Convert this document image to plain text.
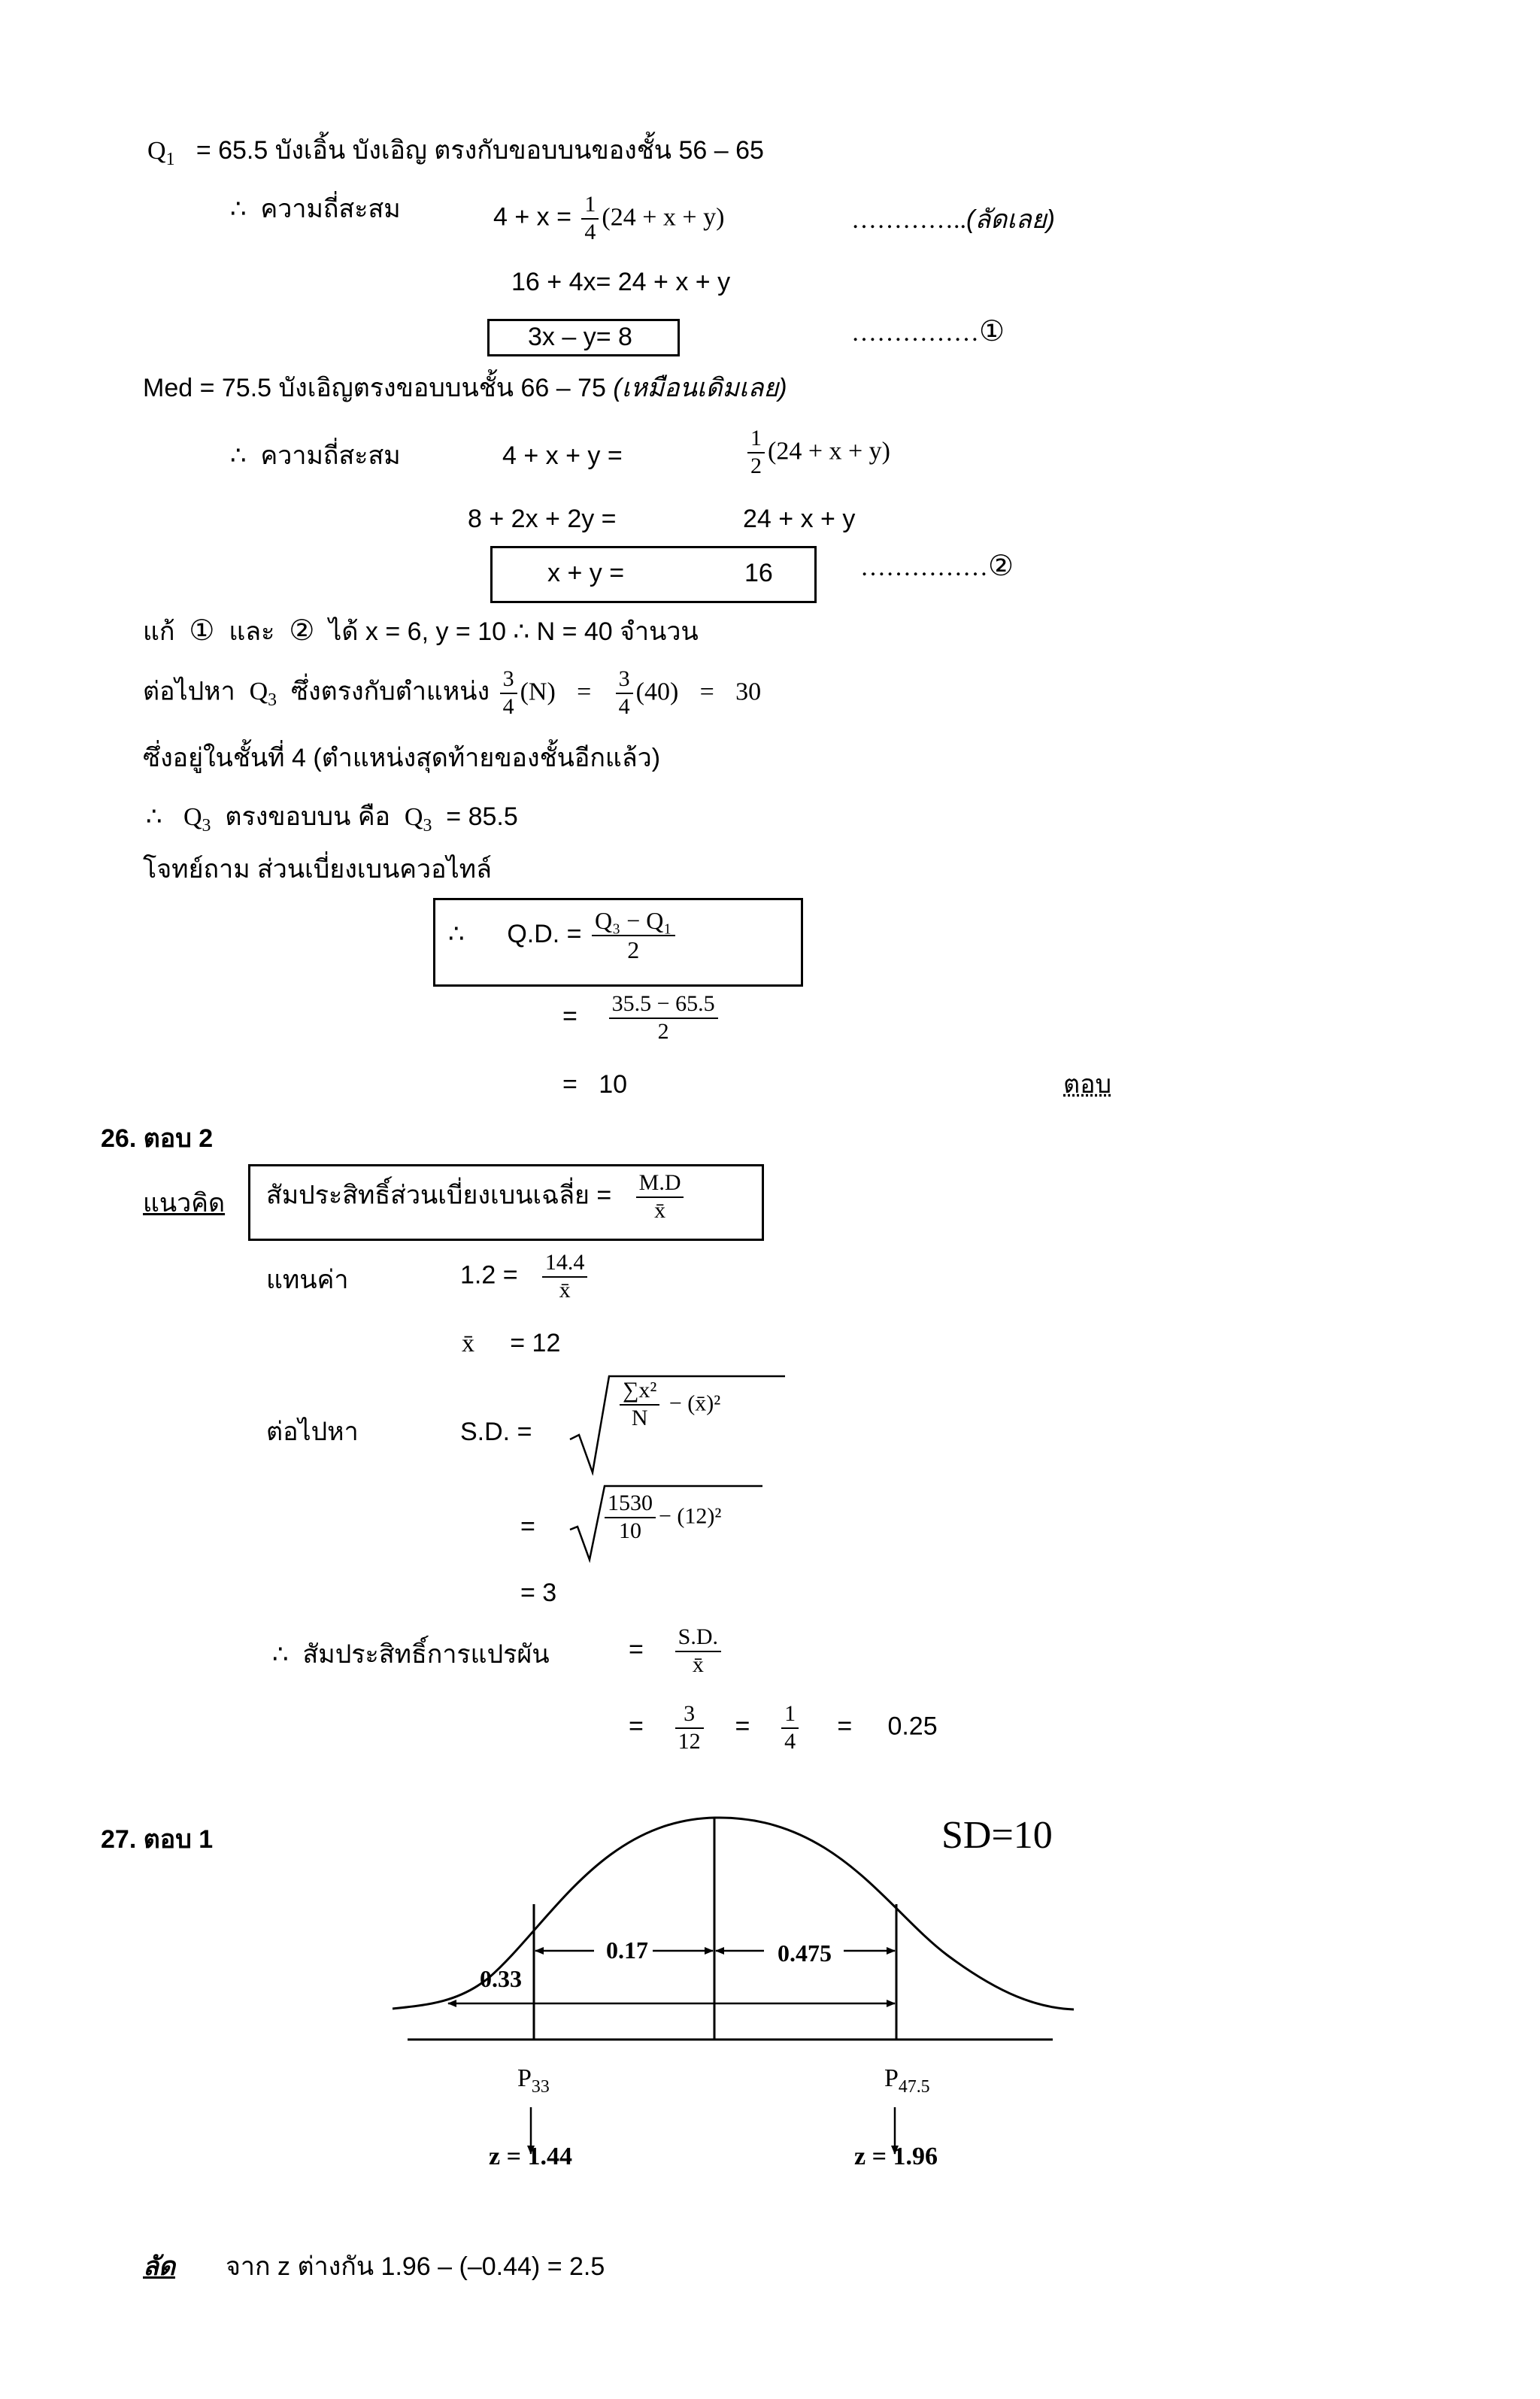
$Q_1 = 65.5$ บังเอิ้น บังเอิญ ตรงกับขอบบนของชั้น 56 – 65
∴ ความถี่สะสม	$4 + x = \frac{1}{4} (24 + x + y)$	…………..(ลัดเลย)
16 + 4x= 24 + x + y
3x – y= 8	……………①
Med = 75.5 บังเอิญตรงขอบบนชั้น 66 – 75 (เหมือนเดิมเลย)
∴ ความถี่สะสม	4 + x + y =	$\frac{1}{2} (24 + x + y)$
8 + 2x + 2y =	24 + x + y
x + y =	16	……………②
แก้ ① และ ② ได้ x = 6, y = 10 ∴ N = 40 จำนวน
ต่อไปหา $Q_3$ ซึ่งตรงกับตำแหน่ง $\frac{3}{4} (N) = \frac{3}{4} (40) = 30$
ซึ่งอยู่ในชั้นที่ 4 (ตำแหน่งสุดท้ายของชั้นอีกแล้ว)
∴ $Q_3$ ตรงขอบบน คือ $Q_3 = 85.5$
โจทย์ถาม ส่วนเบี่ยงเบนควอไทล์
∴ Q.D. = $\frac{\text{Q₃ − Q₁}}{2}$
= $\frac{35.5 - 65.5}{2}$
= 10	ตอบ
26. ตอบ 2
แนวคิด สัมประสิทธิ์ส่วนเบี่ยงเบนเฉลี่ย = $\frac{M.D}{x̄}$
แทนค่า	$1.2 = \frac{14.4}{x̄}$
x̄ = 12
ต่อไปหา	S.D. =
$\frac{\text{∑x²}}{N}$ − (x̄)²
=	$\frac{1530}{10} - (12)^2$
= 3
∴ สัมประสิทธิ์การแปรผัน	= $\frac{S.D.}{x̄}$
= $\frac{3}{12} = \frac{1}{4} = 0.25$
27. ตอบ 1	SD=10
0.33
0.17	0.475
$P_{33}$	$P_{47.5}$
z = 1.44	z = 1.96
ลัด จาก z ต่างกัน 1.96 – (–0.44) = 2.5
